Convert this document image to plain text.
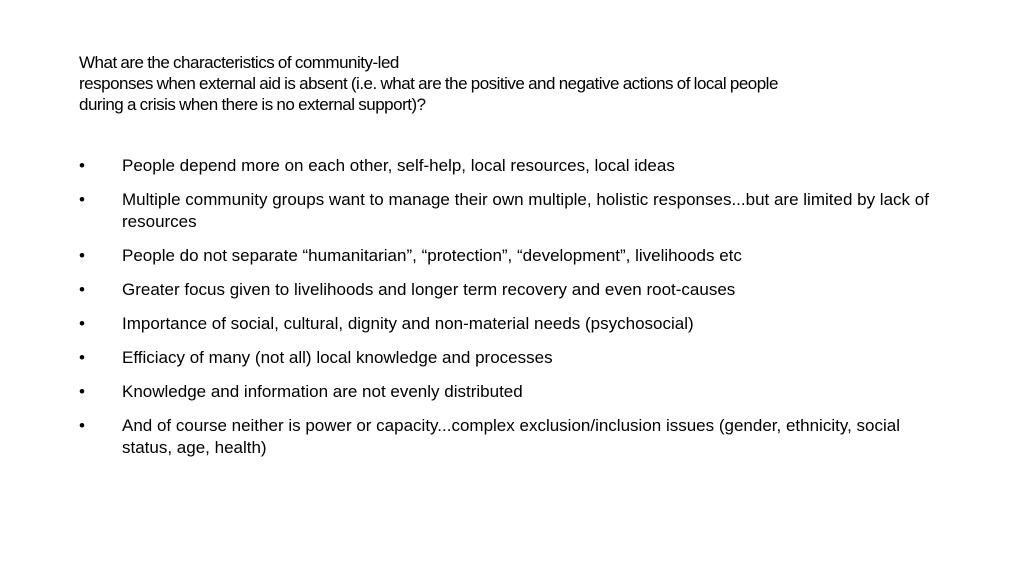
What are the characteristics of community-led
responses when external aid is absent (i.e. what are the positive and negative actions of local people
during a crisis when there is no external support)?
•	People depend more on each other, self-help, local resources, local ideas
•	Multiple community groups want to manage their own multiple, holistic responses...but are limited by lack of resources
•	People do not separate “humanitarian”, “protection”, “development”, livelihoods etc
•	Greater focus given to livelihoods and longer term recovery and even root-causes
•	Importance of social, cultural, dignity and non-material needs (psychosocial)
•	Efficiacy of many (not all) local knowledge and processes
•	Knowledge and information are not evenly distributed
•	And of course neither is power or capacity...complex exclusion/inclusion issues (gender, ethnicity, social status, age, health)
